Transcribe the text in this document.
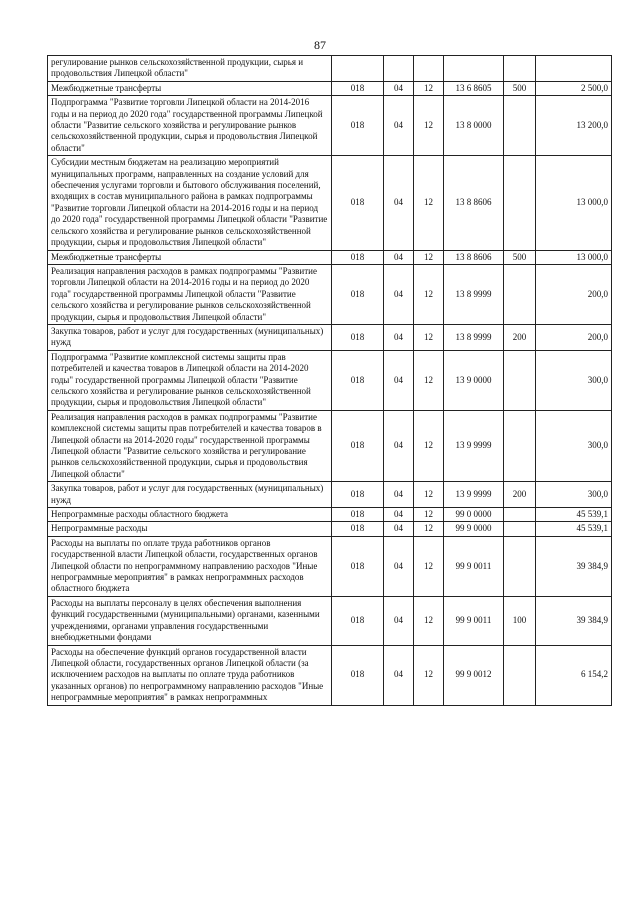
87
регулирование рынков сельскохозяйственной продукции, сырья и продовольствия Липецкой области"						
Межбюджетные трансферты	018	04	12	13 6 8605	500	2 500,0
Подпрограмма "Развитие торговли Липецкой области на 2014-2016 годы и на период до 2020 года" государственной программы Липецкой области "Развитие сельского хозяйства и регулирование рынков сельскохозяйственной продукции, сырья и продовольствия Липецкой области"	018	04	12	13 8 0000		13 200,0
Субсидии местным бюджетам на реализацию мероприятий муниципальных программ, направленных на создание условий для обеспечения услугами торговли и бытового обслуживания поселений, входящих в состав муниципального района в рамках подпрограммы "Развитие торговли Липецкой области на 2014-2016 годы и на период до 2020 года" государственной программы Липецкой области "Развитие сельского хозяйства и регулирование рынков сельскохозяйственной продукции, сырья и продовольствия Липецкой области"	018	04	12	13 8 8606		13 000,0
Межбюджетные трансферты	018	04	12	13 8 8606	500	13 000,0
Реализация направления расходов в рамках подпрограммы "Развитие торговли Липецкой области на 2014-2016 годы и на период до 2020 года" государственной программы Липецкой области "Развитие сельского хозяйства и регулирование рынков сельскохозяйственной продукции, сырья и продовольствия Липецкой области"	018	04	12	13 8 9999		200,0
Закупка товаров, работ и услуг для государственных (муниципальных) нужд	018	04	12	13 8 9999	200	200,0
Подпрограмма "Развитие комплексной системы защиты прав потребителей и качества товаров в Липецкой области на 2014-2020 годы" государственной программы Липецкой области "Развитие сельского хозяйства и регулирование рынков сельскохозяйственной продукции, сырья и продовольствия Липецкой области"	018	04	12	13 9 0000		300,0
Реализация направления расходов в рамках подпрограммы "Развитие комплексной системы защиты прав потребителей и качества товаров в Липецкой области на 2014-2020 годы" государственной программы Липецкой области "Развитие сельского хозяйства и регулирование рынков сельскохозяйственной продукции, сырья и продовольствия Липецкой области"	018	04	12	13 9 9999		300,0
Закупка товаров, работ и услуг для государственных (муниципальных) нужд	018	04	12	13 9 9999	200	300,0
Непрограммные расходы областного бюджета	018	04	12	99 0 0000		45 539,1
Непрограммные расходы	018	04	12	99 9 0000		45 539,1
Расходы на выплаты по оплате труда работников органов государственной власти Липецкой области, государственных органов Липецкой области по непрограммному направлению расходов "Иные непрограммные мероприятия" в рамках непрограммных расходов областного бюджета	018	04	12	99 9 0011		39 384,9
Расходы на выплаты персоналу в целях обеспечения выполнения функций государственными (муниципальными) органами, казенными учреждениями, органами управления государственными внебюджетными фондами	018	04	12	99 9 0011	100	39 384,9
Расходы на обеспечение функций органов государственной власти Липецкой области, государственных органов Липецкой области (за исключением расходов на выплаты по оплате труда работников указанных органов) по непрограммному направлению расходов "Иные непрограммные мероприятия" в рамках непрограммных	018	04	12	99 9 0012		6 154,2
